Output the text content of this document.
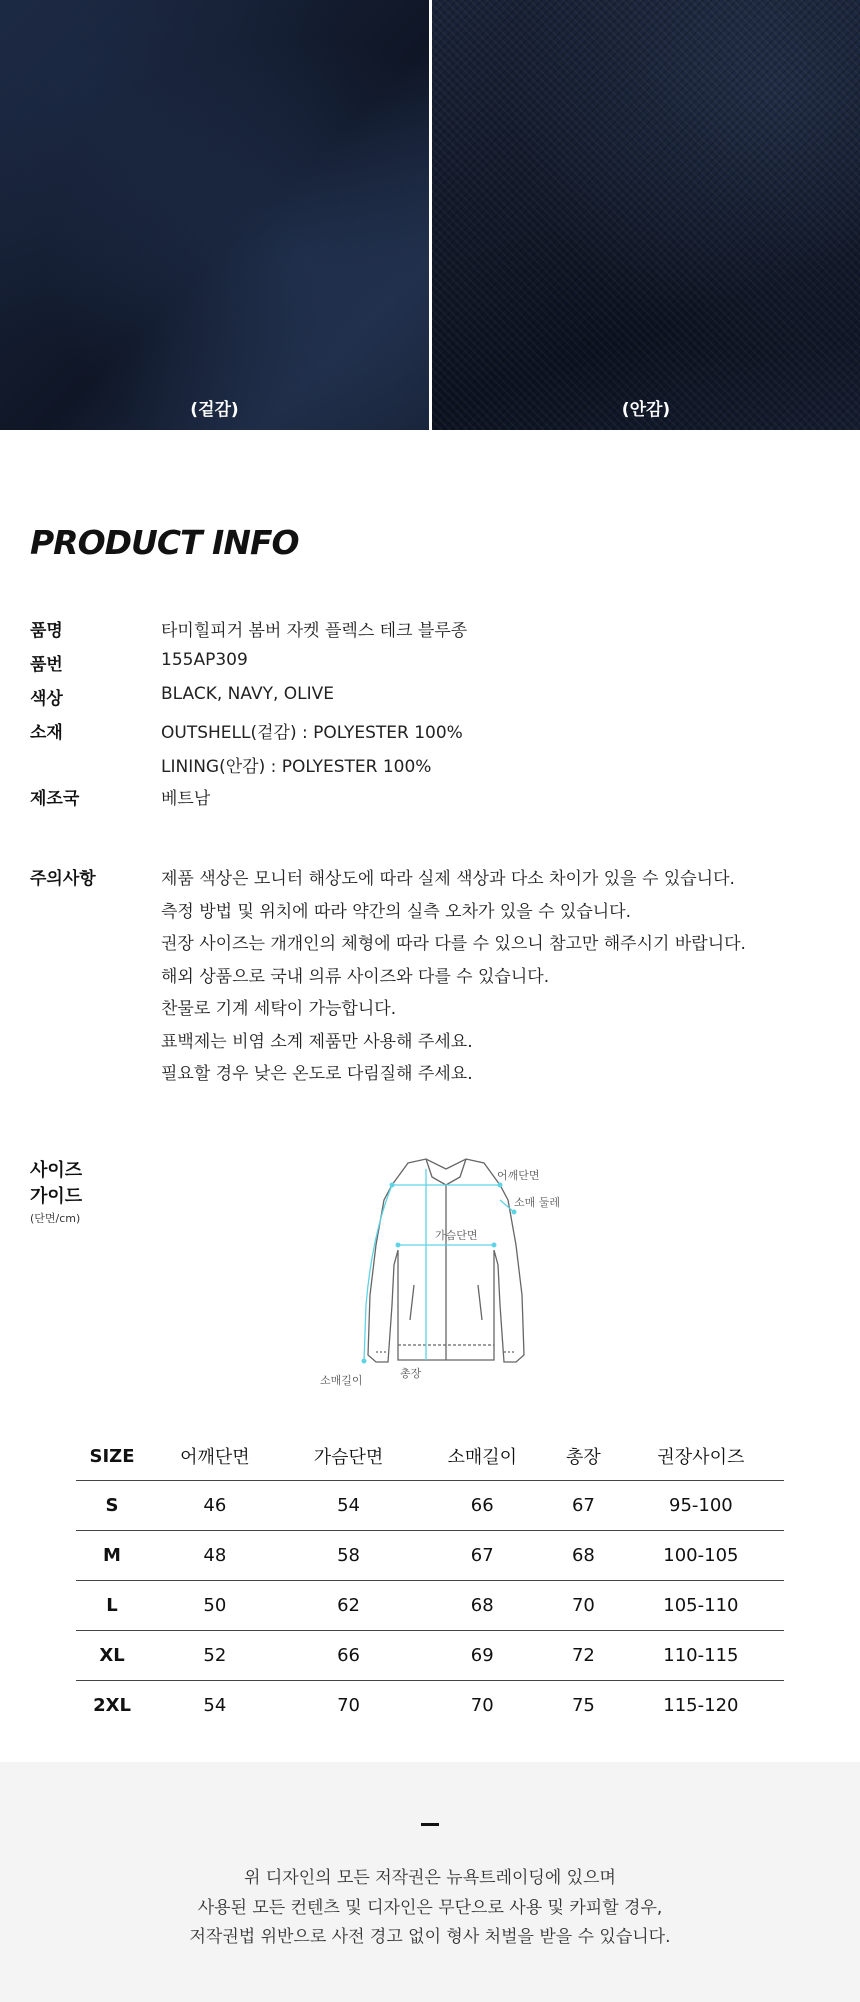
(겉감)	(안감)
PRODUCT INFO
품명	타미힐피거 봄버 자켓 플렉스 테크 블루종
품번	155AP309
색상	BLACK, NAVY, OLIVE
소재	OUTSHELL(겉감) : POLYESTER 100%
LINING(안감) : POLYESTER 100%
제조국	베트남
주의사항	제품 색상은 모니터 해상도에 따라 실제 색상과 다소 차이가 있을 수 있습니다.
측정 방법 및 위치에 따라 약간의 실측 오차가 있을 수 있습니다.
권장 사이즈는 개개인의 체형에 따라 다를 수 있으니 참고만 해주시기 바랍니다.
해외 상품으로 국내 의류 사이즈와 다를 수 있습니다.
찬물로 기계 세탁이 가능합니다.
표백제는 비염 소계 제품만 사용해 주세요.
필요할 경우 낮은 온도로 다림질해 주세요.
사이즈
가이드
(단면/cm)
어깨단면
소매 둘레
가슴단면
소매길이
총장
SIZE	어깨단면	가슴단면	소매길이	총장	권장사이즈
S	46	54	66	67	95-100
M	48	58	67	68	100-105
L	50	62	68	70	105-110
XL	52	66	69	72	110-115
2XL	54	70	70	75	115-120
위 디자인의 모든 저작권은 뉴욕트레이딩에 있으며
사용된 모든 컨텐츠 및 디자인은 무단으로 사용 및 카피할 경우,
저작권법 위반으로 사전 경고 없이 형사 처벌을 받을 수 있습니다.
